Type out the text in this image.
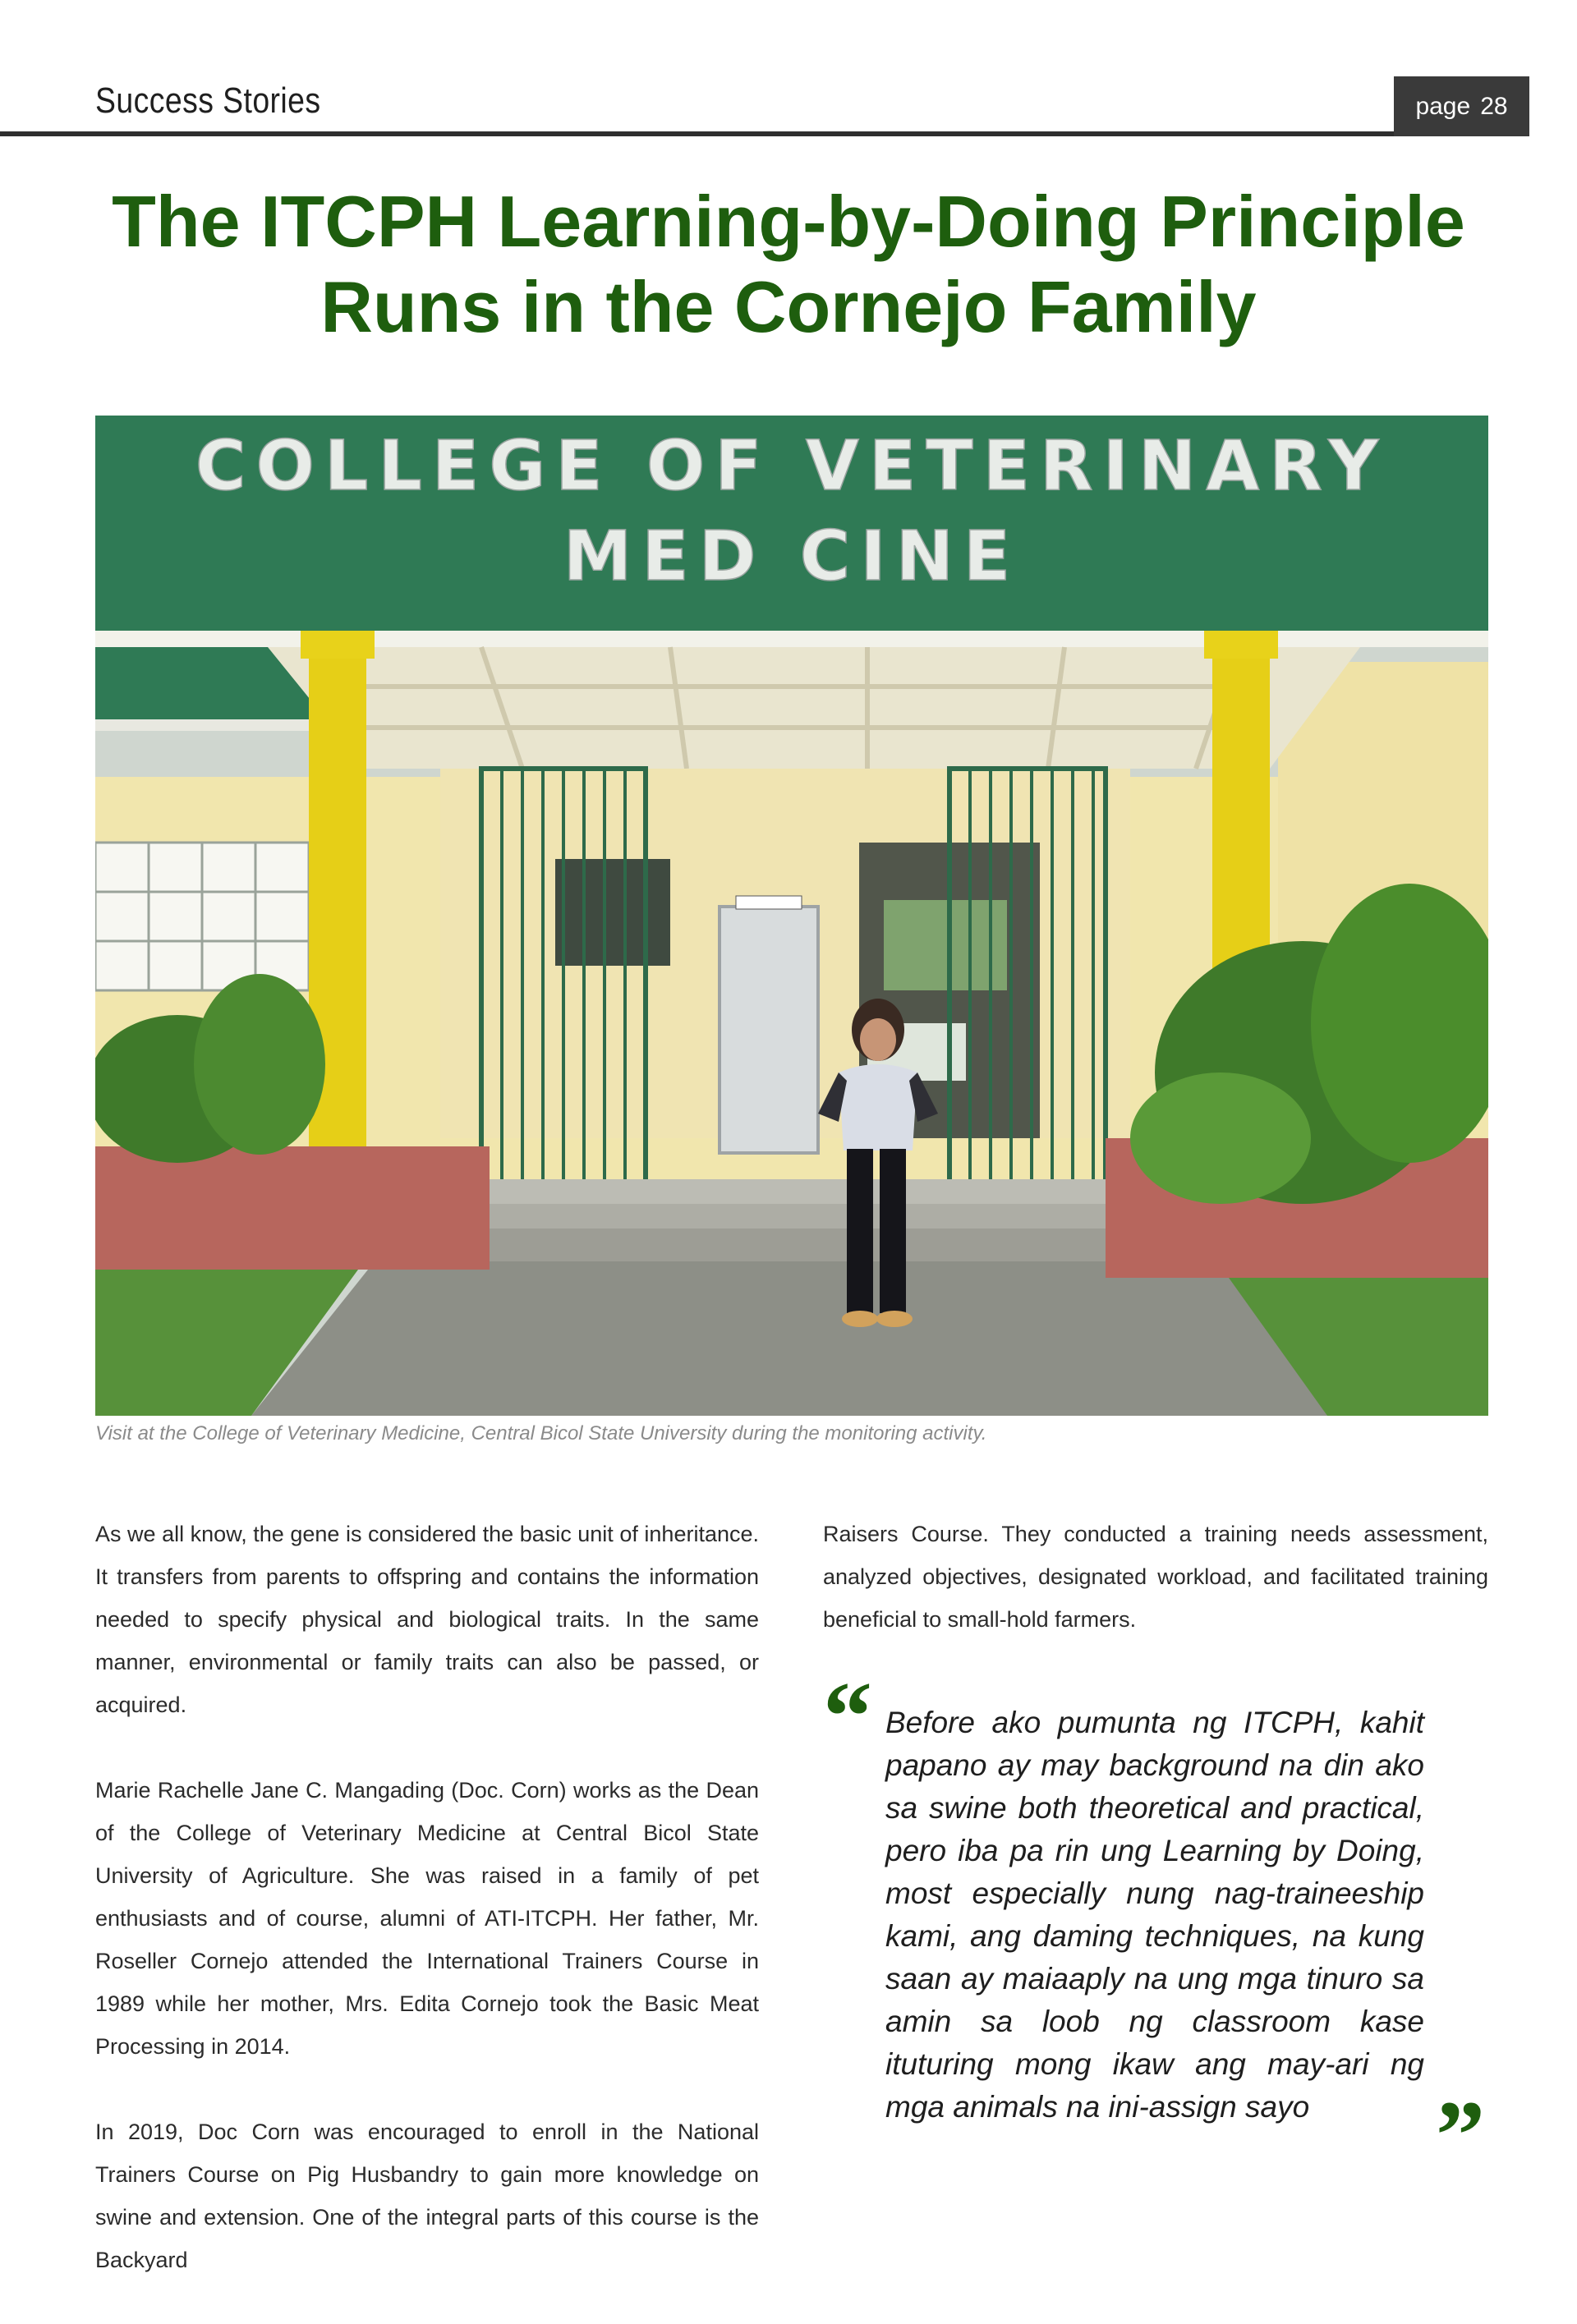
Success Stories	page 28
The ITCPH Learning-by-Doing Principle Runs in the Cornejo Family
COLLEGE OF VETERINARY
MED CINE
Visit at the College of Veterinary Medicine, Central Bicol State University during the monitoring activity.

As we all know, the gene is considered the basic unit of inheritance. It transfers from parents to offspring and contains the information needed to specify physical and biological traits. In the same manner, environmental or family traits can also be passed, or acquired.

Marie Rachelle Jane C. Mangading (Doc. Corn) works as the Dean of the College of Veterinary Medicine at Central Bicol State University of Agriculture. She was raised in a family of pet enthusiasts and of course, alumni of ATI-ITCPH. Her father, Mr. Roseller Cornejo attended the International Trainers Course in 1989 while her mother, Mrs. Edita Cornejo took the Basic Meat Processing in 2014.

In 2019, Doc Corn was encouraged to enroll in the National Trainers Course on Pig Husbandry to gain more knowledge on swine and extension. One of the integral parts of this course is the Backyard

Raisers Course. They conducted a training needs assessment, analyzed objectives, designated workload, and facilitated training beneficial to small-hold farmers.

“ Before ako pumunta ng ITCPH, kahit papano ay may background na din ako sa swine both theoretical and practical, pero iba pa rin ung Learning by Doing, most especially nung nag-traineeship kami, ang daming techniques, na kung saan ay maiaaply na ung mga tinuro sa amin sa loob ng classroom kase ituturing mong ikaw ang may-ari ng mga animals na ini-assign sayo	”
